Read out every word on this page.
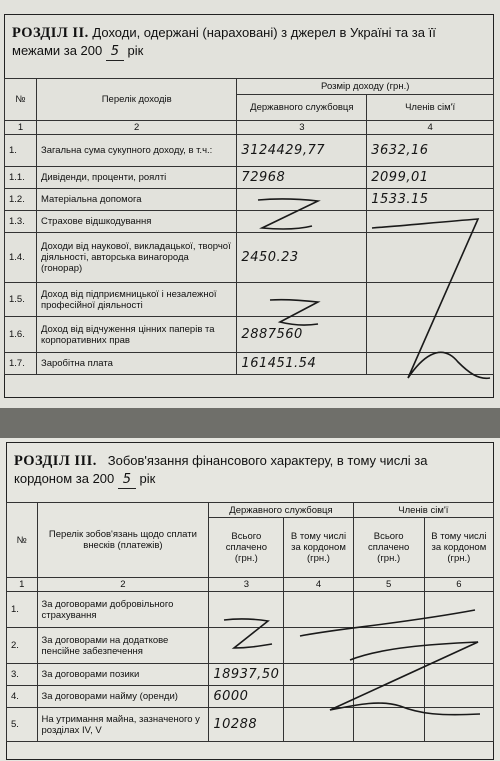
РОЗДІЛ ІІ. Доходи, одержані (нараховані) з джерел в Україні та за її межами за 200 5 рік
№	Перелік доходів	Розмір доходу (грн.)	
		Державного службовця	Членів сім'ї
1	2	3	4
1.	Загальна сума сукупного доходу, в т.ч.:	3124429,77	3632,16
1.1.	Дивіденди, проценти, роялті	72968	2099,01
1.2.	Матеріальна допомога		1533.15
1.3.	Страхове відшкодування		
1.4.	Доходи від наукової, викладацької, творчої діяльності, авторська винагорода (гонорар)	2450.23	
1.5.	Доход від підприємницької і незалежної професійної діяльності		
1.6.	Доход від відчуження цінних паперів та корпоративних прав	2887560	
1.7.	Заробітна плата	161451.54	
РОЗДІЛ ІІІ. Зобов'язання фінансового характеру, в тому числі за кордоном за 200 5 рік
№	Перелік зобов'язань щодо сплати внесків (платежів)	Державного службовця		Членів сім'ї	
		Всього сплачено (грн.)	В тому числі за кордоном (грн.)	Всього сплачено (грн.)	В тому числі за кордоном (грн.)
1	2	3	4	5	6
1.	За договорами добровільного страхування				
2.	За договорами на додаткове пенсійне забезпечення				
3.	За договорами позики	18937,50			
4.	За договорами найму (оренди)	6000			
5.	На утримання майна, зазначеного у розділах IV, V	10288			
